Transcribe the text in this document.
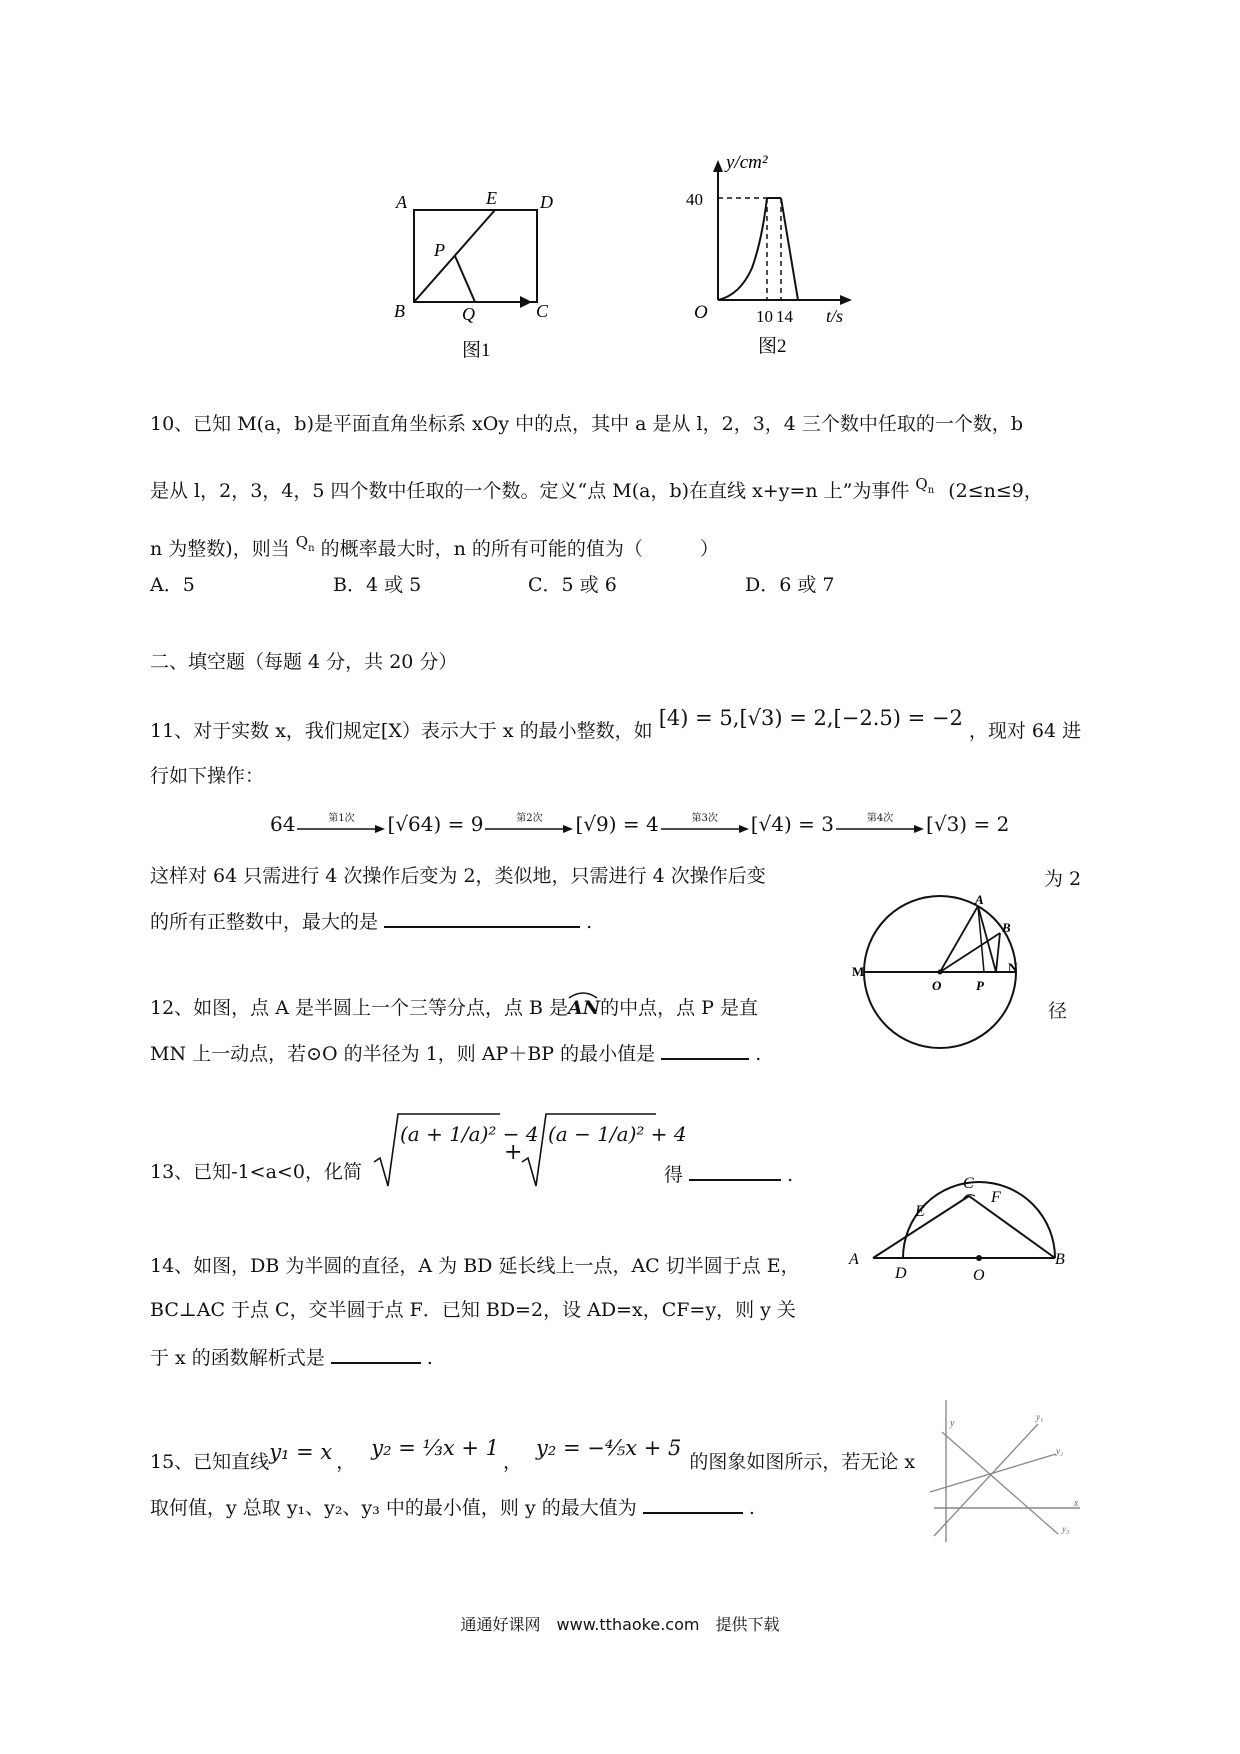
A	E D
P
B	Q	C
图1
y/cm²
40
O	10 14 t/s
图2
10、已知 M(a，b)是平面直角坐标系 xOy 中的点，其中 a 是从 l，2，3，4 三个数中任取的一个数，b
是从 l，2，3，4，5 四个数中任取的一个数。定义“点 M(a，b)在直线 x+y=n 上”为事件 $^{Q_n}$ (2≤n≤9，
n 为整数)，则当 $^{Q_n}$ 的概率最大时，n 的所有可能的值为（　　　）
A．5	B．4 或 5	C．5 或 6	D．6 或 7
二、填空题（每题 4 分，共 20 分）
11、对于实数 x，我们规定[X）表示大于 x 的最小整数，如 [4) = 5,[√3) = 2,[−2.5) = −2 ，现对 64 进
行如下操作：
64	第1次 [√64) = 9	第2次 [√9) = 4	第3次 [√4) = 3	第4次 [√3) = 2
这样对 64 只需进行 4 次操作后变为 2，类似地，只需进行 4 次操作后变	为 2
的所有正整数中，最大的是	.
M
O	P
N
A
B
12、如图，点 A 是半圆上一个三等分点，点 B 是AN
的中点，点 P 是直	径
MN 上一动点，若⊙O 的半径为 1，则 AP＋BP 的最小值是	.
13、已知-1<a<0，化简
(a + 1/a)² − 4
+
(a − 1/a)² + 4
得	.
A
D	O
B
E
C
F
14、如图，DB 为半圆的直径，A 为 BD 延长线上一点，AC 切半圆于点 E，
BC⊥AC 于点 C，交半圆于点 F．已知 BD=2，设 AD=x，CF=y，则 y 关
于 x 的函数解析式是	.
y
x
y₁
y₂
y₃
15、已知直线 y₁ = x ，
y₂ = ⅓x + 1
，
y₂ = −⅘x + 5
的图象如图所示，若无论 x
取何值，y 总取 y₁、y₂、y₃ 中的最小值，则 y 的最大值为	.
通通好课网　www.tthaoke.com　提供下载
